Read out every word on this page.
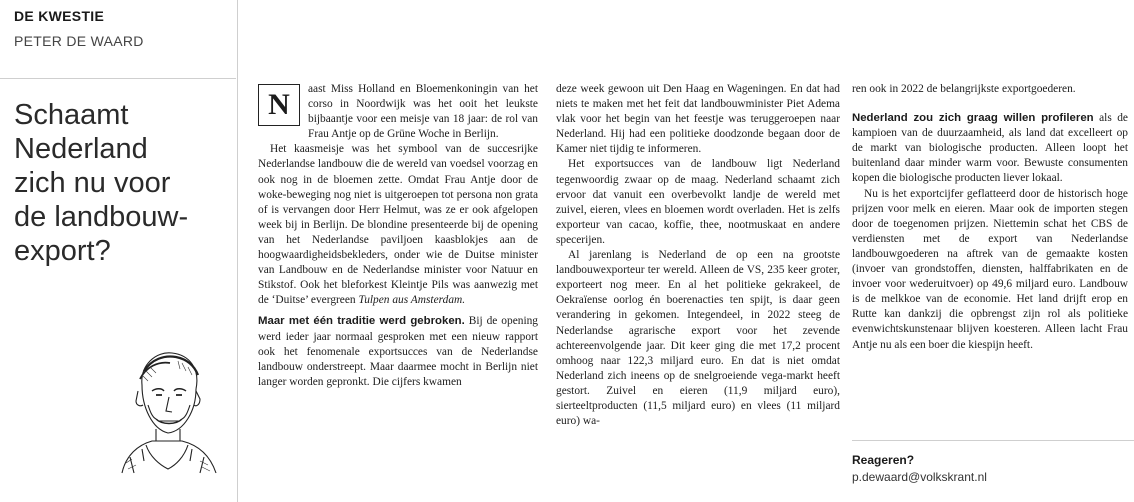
DE KWESTIE
PETER DE WAARD
Schaamt
Nederland
zich nu voor
de landbouw-
export?
N	aast Miss Holland en Bloemenkoningin van het corso in Noordwijk was het ooit het leukste bijbaantje voor een meisje van 18 jaar: de rol van Frau Antje op de Grüne Woche in Berlijn.

Het kaasmeisje was het symbool van de succesrijke Nederlandse landbouw die de wereld van voedsel voorzag en ook nog in de bloemen zette. Omdat Frau Antje door de woke-beweging nog niet is uitgeroepen tot persona non grata of is vervangen door Herr Helmut, was ze er ook afgelopen week bij in Berlijn. De blondine presenteerde bij de opening van het Nederlandse paviljoen kaasblokjes aan de hoogwaardigheidsbekleders, onder wie de Duitse minister van Landbouw en de Nederlandse minister voor Natuur en Stikstof. Ook het bleforkest Kleintje Pils was aanwezig met de ‘Duitse’ evergreen Tulpen aus Amsterdam.

Maar met één traditie werd gebroken. Bij de opening werd ieder jaar normaal gesproken met een nieuw rapport ook het fenomenale exportsucces van de Nederlandse landbouw onderstreept. Maar daarmee mocht in Berlijn niet langer worden gepronkt. Die cijfers kwamen

deze week gewoon uit Den Haag en Wageningen. En dat had niets te maken met het feit dat landbouwminister Piet Adema vlak voor het begin van het feestje was teruggeroepen naar Nederland. Hij had een politieke doodzonde begaan door de Kamer niet tijdig te informeren.

Het exportsucces van de landbouw ligt Nederland tegenwoordig zwaar op de maag. Nederland schaamt zich ervoor dat vanuit een overbevolkt landje de wereld met zuivel, eieren, vlees en bloemen wordt overladen. Het is zelfs exporteur van cacao, koffie, thee, nootmuskaat en andere specerijen.

Al jarenlang is Nederland de op een na grootste landbouwexporteur ter wereld. Alleen de VS, 235 keer groter, exporteert nog meer. En al het politieke gekrakeel, de Oekraïense oorlog én boerenacties ten spijt, is daar geen verandering in gekomen. Integendeel, in 2022 steeg de Nederlandse agrarische export voor het zevende achtereenvolgende jaar. Dit keer ging die met 17,2 procent omhoog naar 122,3 miljard euro. En dat is niet omdat Nederland zich ineens op de snelgroeiende vega-markt heeft gestort. Zuivel en eieren (11,9 miljard euro), sierteeltproducten (11,5 miljard euro) en vlees (11 miljard euro) wa-

ren ook in 2022 de belangrijkste exportgoederen.

Nederland zou zich graag willen profileren als de kampioen van de duurzaamheid, als land dat excelleert op de markt van biologische producten. Alleen loopt het buitenland daar minder warm voor. Bewuste consumenten kopen die biologische producten liever lokaal.

Nu is het exportcijfer geflatteerd door de historisch hoge prijzen voor melk en eieren. Maar ook de importen stegen door de toegenomen prijzen. Niettemin schat het CBS de verdiensten met de export van Nederlandse landbouwgoederen na aftrek van de gemaakte kosten (invoer van grondstoffen, diensten, halffabrikaten en de invoer voor wederuitvoer) op 49,6 miljard euro. Landbouw is de melkkoe van de economie. Het land drijft erop en Rutte kan dankzij die opbrengst zijn rol als politieke evenwichtskunstenaar blijven koesteren. Alleen lacht Frau Antje nu als een boer die kiespijn heeft.

Reageren?
p.dewaard@volkskrant.nl
